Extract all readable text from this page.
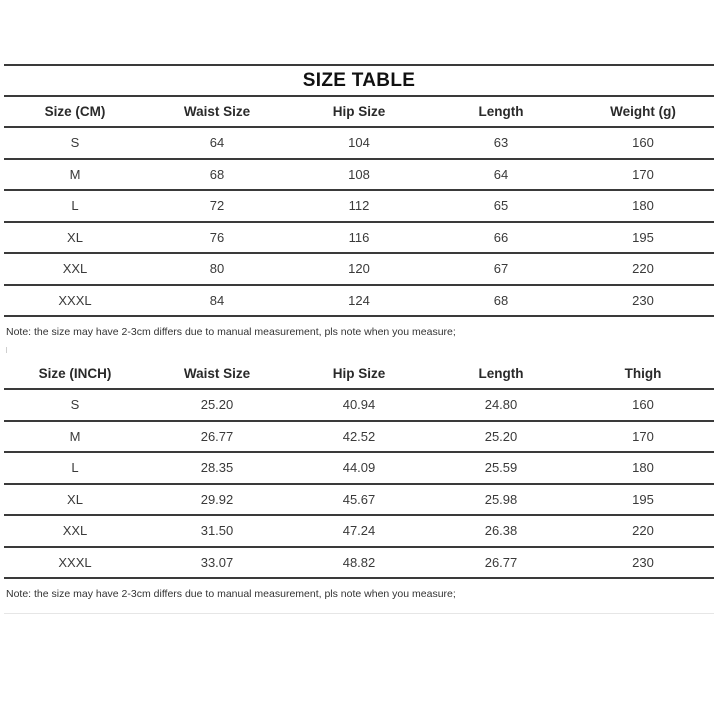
SIZE TABLE
Size (CM)	Waist Size	Hip Size	Length	Weight (g)
S	64	104	63	160
M	68	108	64	170
L	72	112	65	180
XL	76	116	66	195
XXL	80	120	67	220
XXXL	84	124	68	230
Note: the size may have 2-3cm differs due to manual measurement, pls note when you measure;
Size (INCH)	Waist Size	Hip Size	Length	Thigh
S	25.20	40.94	24.80	160
M	26.77	42.52	25.20	170
L	28.35	44.09	25.59	180
XL	29.92	45.67	25.98	195
XXL	31.50	47.24	26.38	220
XXXL	33.07	48.82	26.77	230
Note: the size may have 2-3cm differs due to manual measurement, pls note when you measure;
